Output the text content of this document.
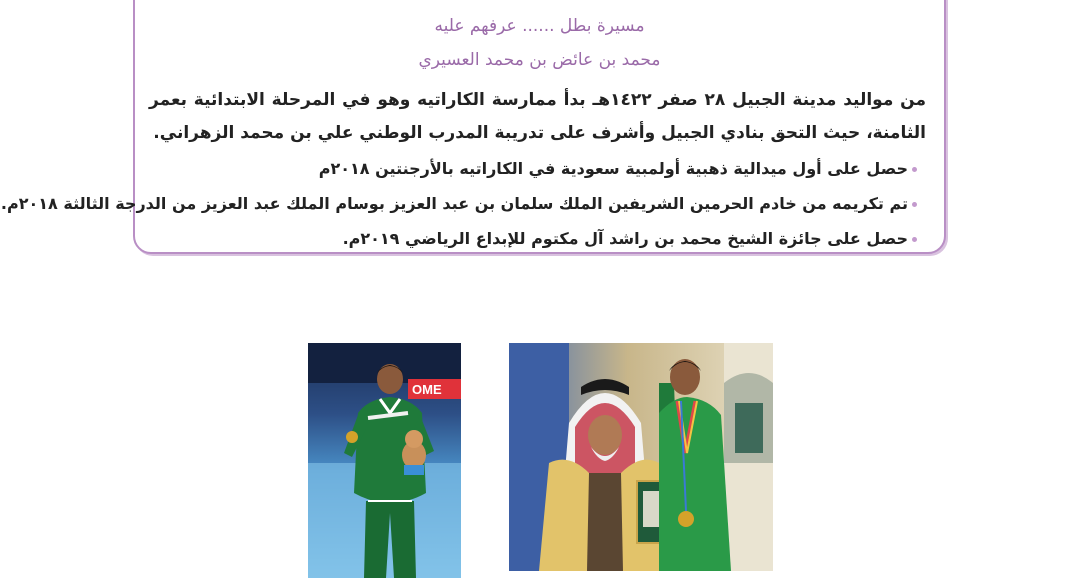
مسيرة بطل ...... عرفهم عليه
محمد بن عائض بن محمد العسيري
من مواليد مدينة الجبيل ٢٨ صفر ١٤٢٢هـ بدأ ممارسة الكاراتيه وهو في المرحلة الابتدائية بعمر الثامنة، حيث التحق بنادي الجبيل وأشرف على تدريبة المدرب الوطني علي بن محمد الزهراني.
حصل على أول ميدالية ذهبية أولمبية سعودية في الكاراتيه بالأرجنتين ٢٠١٨م
تم تكريمه من خادم الحرمين الشريفين الملك سلمان بن عبد العزيز بوسام الملك عبد العزيز من الدرجة الثالثة ٢٠١٨م.
حصل على جائزة الشيخ محمد بن راشد آل مكتوم للإبداع الرياضي ٢٠١٩م.
OME
